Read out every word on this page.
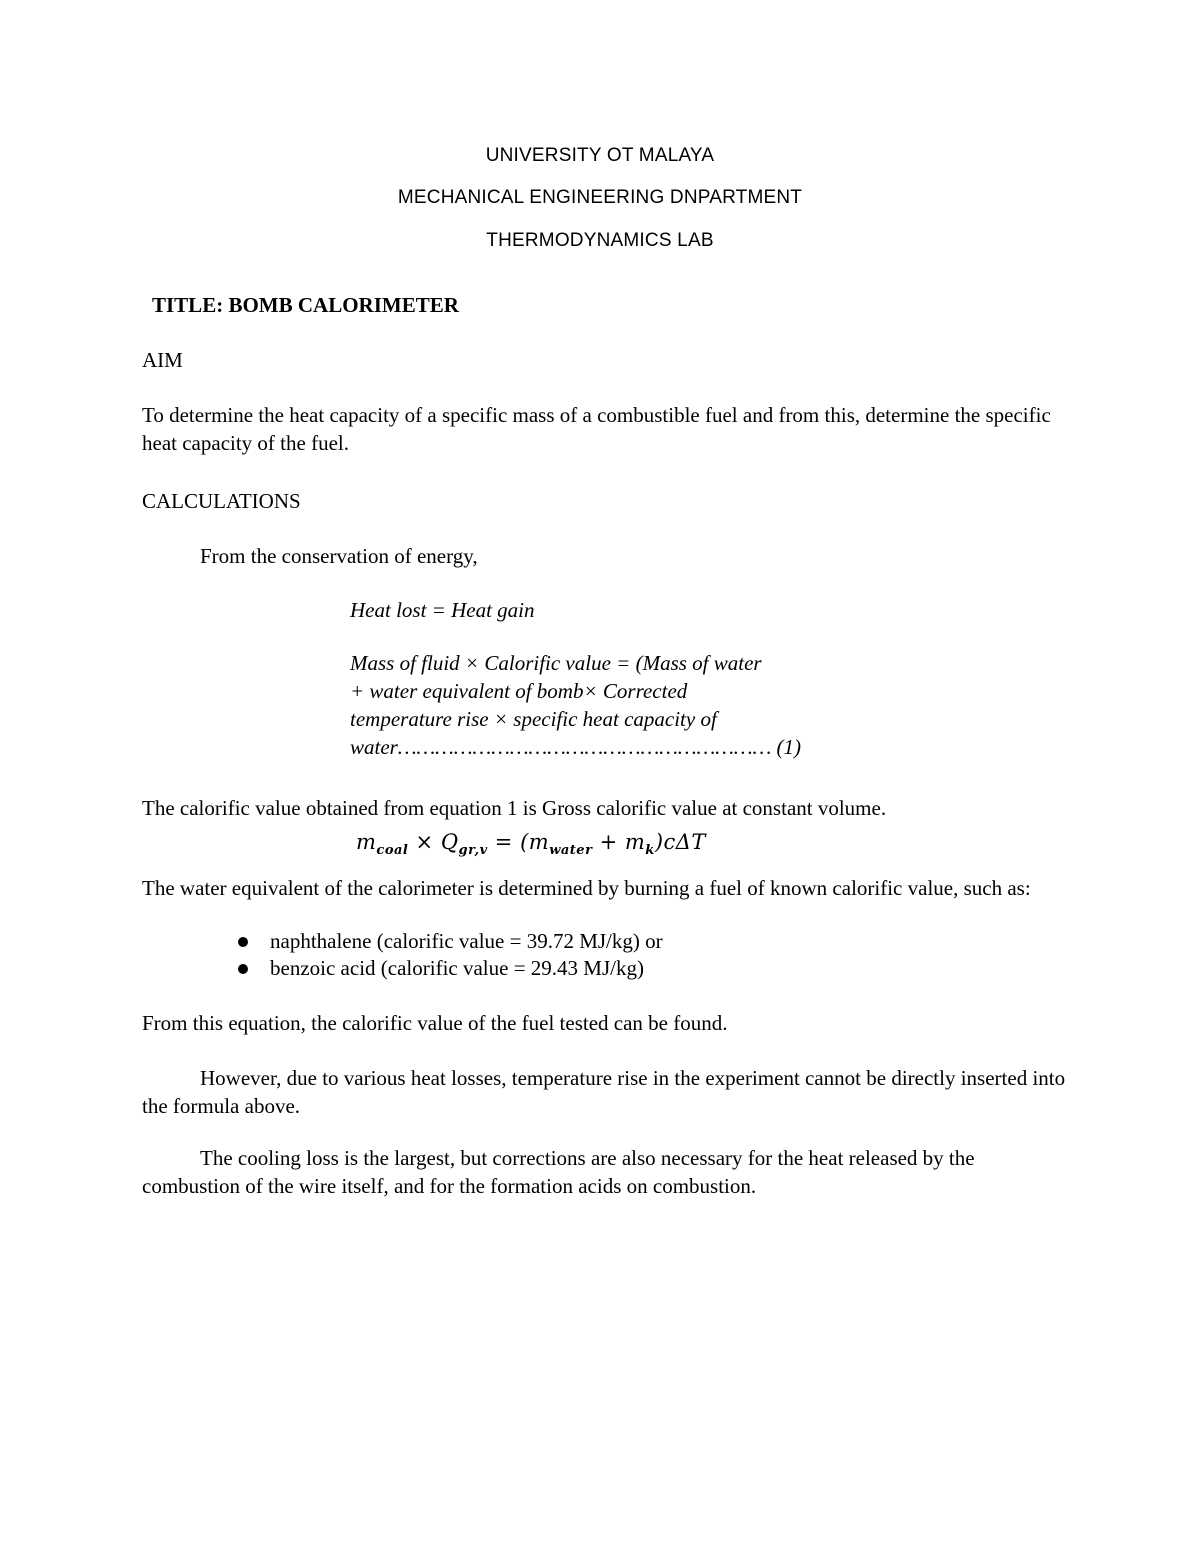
UNIVERSITY OT MALAYA

MECHANICAL ENGINEERING DNPARTMENT

THERMODYNAMICS LAB

TITLE: BOMB CALORIMETER

AIM

To determine the heat capacity of a specific mass of a combustible fuel and from this, determine the specific heat capacity of the fuel.

CALCULATIONS

From the conservation of energy,

Heat lost = Heat gain

Mass of fluid × Calorific value = (Mass of water
+ water equivalent of bomb× Corrected
temperature rise × specific heat capacity of
water…………………………………………………… (1)

The calorific value obtained from equation 1 is Gross calorific value at constant volume.

$m_{coal} \times Q_{gr,v} = (m_{water} + m_k)c\Delta T$

The water equivalent of the calorimeter is determined by burning a fuel of known calorific value, such as:

naphthalene (calorific value = 39.72 MJ/kg) or
benzoic acid (calorific value = 29.43 MJ/kg)

From this equation, the calorific value of the fuel tested can be found.

However, due to various heat losses, temperature rise in the experiment cannot be directly inserted into the formula above.

The cooling loss is the largest, but corrections are also necessary for the heat released by the combustion of the wire itself, and for the formation acids on combustion.
